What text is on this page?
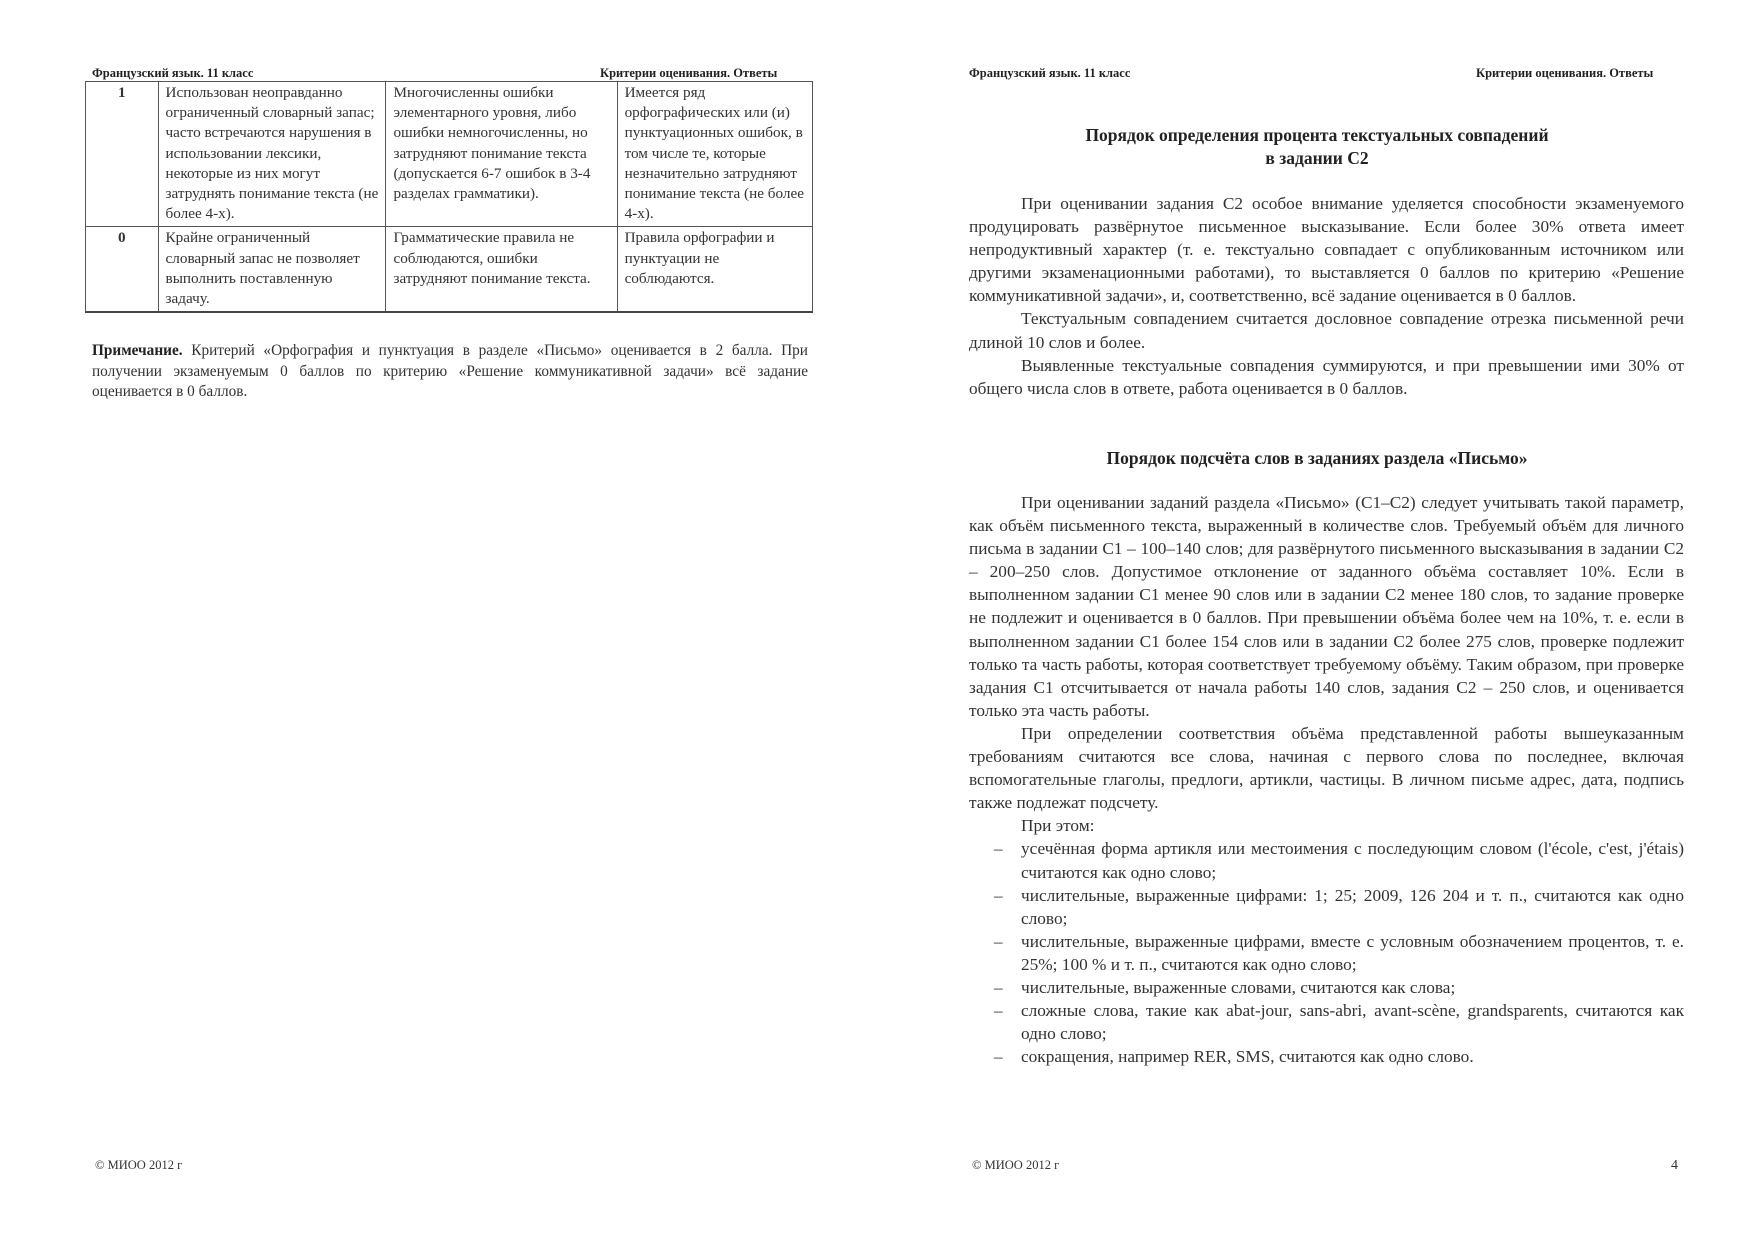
Французский язык. 11 класс	Критерии оценивания. Ответы
1	Использован неоправданно ограниченный словарный запас; часто встречаются нарушения в использовании лексики, некоторые из них могут затруднять понимание текста (не более 4-х).	Многочисленны ошибки элементарного уровня, либо ошибки немногочисленны, но затрудняют понимание текста (допускается 6-7 ошибок в 3-4 разделах грамматики).	Имеется ряд орфографических или (и) пунктуационных ошибок, в том числе те, которые незначительно затрудняют понимание текста (не более 4-х).
0	Крайне ограниченный словарный запас не позволяет выполнить поставленную задачу.	Грамматические правила не соблюдаются, ошибки затрудняют понимание текста.	Правила орфографии и пунктуации не соблюдаются.
Примечание. Критерий «Орфография и пунктуация в разделе «Письмо» оценивается в 2 балла. При получении экзаменуемым 0 баллов по критерию «Решение коммуникативной задачи» всё задание оценивается в 0 баллов.
© МИОО 2012 г
Французский язык. 11 класс	Критерии оценивания. Ответы
Порядок определения процента текстуальных совпадений
в задании С2

При оценивании задания С2 особое внимание уделяется способности экзаменуемого продуцировать развёрнутое письменное высказывание. Если более 30% ответа имеет непродуктивный характер (т. е. текстуально совпадает с опубликованным источником или другими экзаменационными работами), то выставляется 0 баллов по критерию «Решение коммуникативной задачи», и, соответственно, всё задание оценивается в 0 баллов.

Текстуальным совпадением считается дословное совпадение отрезка письменной речи длиной 10 слов и более.

Выявленные текстуальные совпадения суммируются, и при превышении ими 30% от общего числа слов в ответе, работа оценивается в 0 баллов.

Порядок подсчёта слов в заданиях раздела «Письмо»

При оценивании заданий раздела «Письмо» (С1–С2) следует учитывать такой параметр, как объём письменного текста, выраженный в количестве слов. Требуемый объём для личного письма в задании С1 – 100–140 слов; для развёрнутого письменного высказывания в задании С2 – 200–250 слов. Допустимое отклонение от заданного объёма составляет 10%. Если в выполненном задании С1 менее 90 слов или в задании С2 менее 180 слов, то задание проверке не подлежит и оценивается в 0 баллов. При превышении объёма более чем на 10%, т. е. если в выполненном задании С1 более 154 слов или в задании С2 более 275 слов, проверке подлежит только та часть работы, которая соответствует требуемому объёму. Таким образом, при проверке задания С1 отсчитывается от начала работы 140 слов, задания С2 – 250 слов, и оценивается только эта часть работы.

При определении соответствия объёма представленной работы вышеуказанным требованиям считаются все слова, начиная с первого слова по последнее, включая вспомогательные глаголы, предлоги, артикли, частицы. В личном письме адрес, дата, подпись также подлежат подсчету.

При этом:

– усечённая форма артикля или местоимения с последующим словом (l'école, c'est, j'étais) считаются как одно слово;
– числительные, выраженные цифрами: 1; 25; 2009, 126 204 и т. п., считаются как одно слово;
– числительные, выраженные цифрами, вместе с условным обозначением процентов, т. е. 25%; 100 % и т. п., считаются как одно слово;
– числительные, выраженные словами, считаются как слова;
– сложные слова, такие как abat-jour, sans-abri, avant-scène, grandsparents, считаются как одно слово;
– сокращения, например RER, SMS, считаются как одно слово.
© МИОО 2012 г	4
